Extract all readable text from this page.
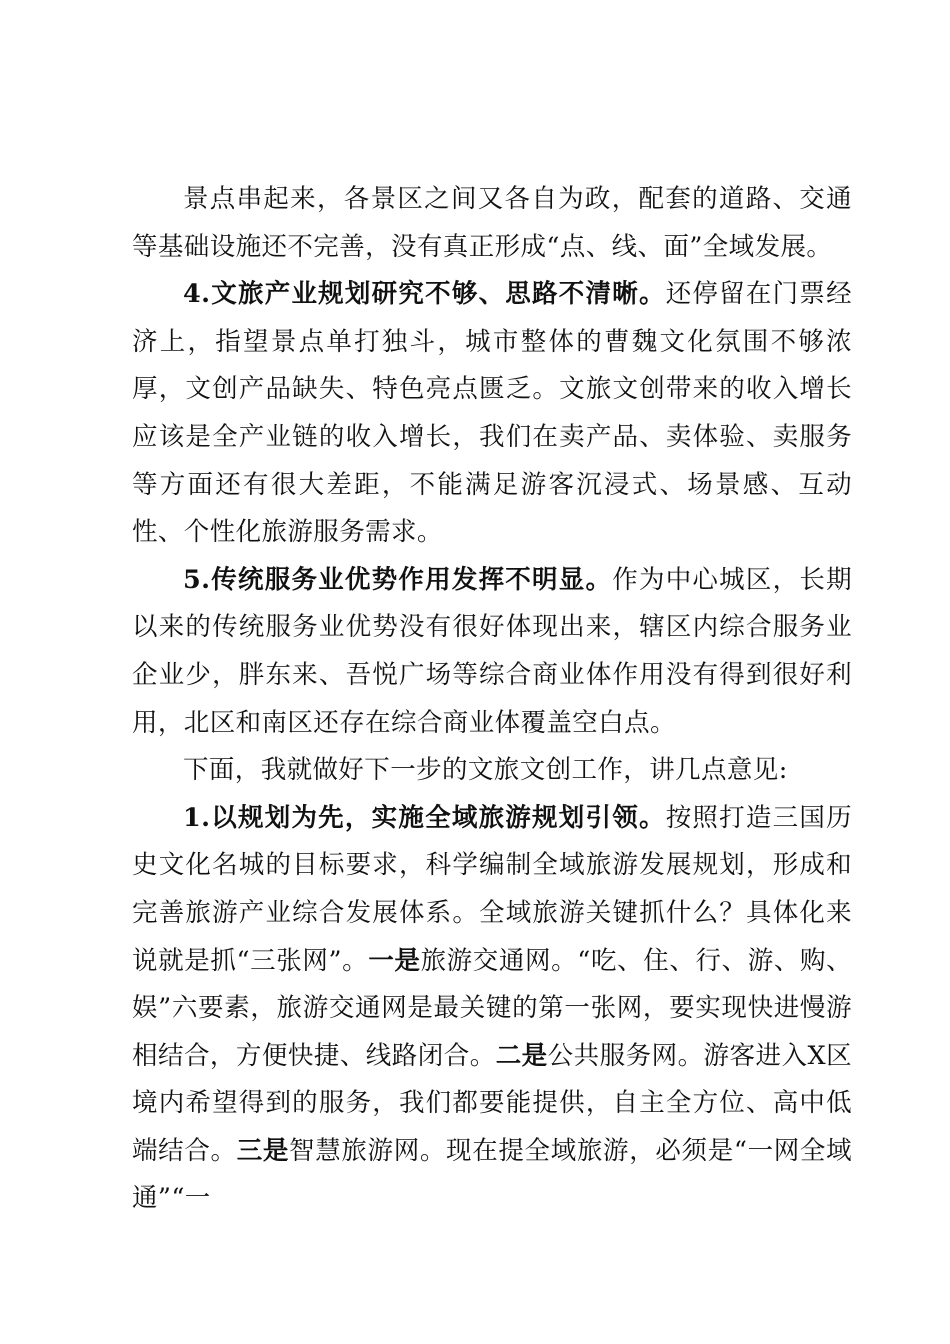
景点串起来，各景区之间又各自为政，配套的道路、交通等基础设施还不完善，没有真正形成“点、线、面”全域发展。

4.文旅产业规划研究不够、思路不清晰。还停留在门票经济上，指望景点单打独斗，城市整体的曹魏文化氛围不够浓厚，文创产品缺失、特色亮点匮乏。文旅文创带来的收入增长应该是全产业链的收入增长，我们在卖产品、卖体验、卖服务等方面还有很大差距，不能满足游客沉浸式、场景感、互动性、个性化旅游服务需求。

5.传统服务业优势作用发挥不明显。作为中心城区，长期以来的传统服务业优势没有很好体现出来，辖区内综合服务业企业少，胖东来、吾悦广场等综合商业体作用没有得到很好利用，北区和南区还存在综合商业体覆盖空白点。

下面，我就做好下一步的文旅文创工作，讲几点意见:

1.以规划为先，实施全域旅游规划引领。按照打造三国历史文化名城的目标要求，科学编制全域旅游发展规划，形成和完善旅游产业综合发展体系。全域旅游关键抓什么？具体化来说就是抓“三张网”。一是旅游交通网。“吃、住、行、游、购、娱”六要素，旅游交通网是最关键的第一张网，要实现快进慢游相结合，方便快捷、线路闭合。二是公共服务网。游客进入X区境内希望得到的服务，我们都要能提供，自主全方位、高中低端结合。三是智慧旅游网。现在提全域旅游，必须是“一网全域通”“一
